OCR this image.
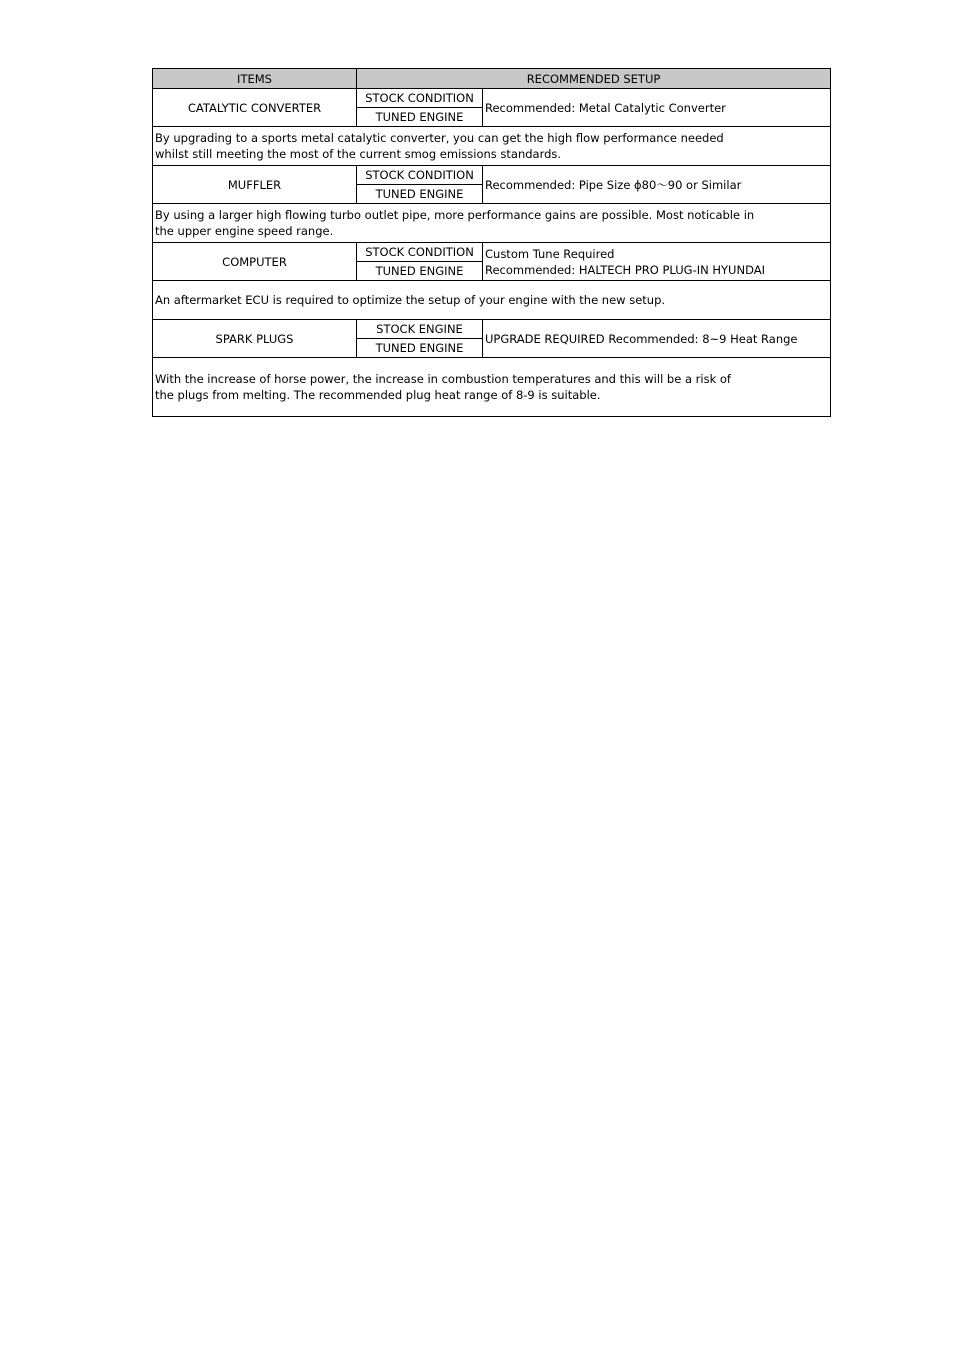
ITEMS	RECOMMENDED SETUP	
CATALYTIC CONVERTER	STOCK CONDITION	Recommended: Metal Catalytic Converter

	TUNED ENGINE	

By upgrading to a sports metal catalytic converter, you can get the high flow performance needed
whilst still meeting the most of the current smog emissions standards.		

MUFFLER	STOCK CONDITION	Recommended: Pipe Size ϕ80〜90 or Similar

	TUNED ENGINE	

By using a larger high flowing turbo outlet pipe, more performance gains are possible. Most noticable in
the upper engine speed range.		

COMPUTER	STOCK CONDITION	Custom Tune Required
Recommended: HALTECH PRO PLUG-IN HYUNDAI

	TUNED ENGINE	

An aftermarket ECU is required to optimize the setup of your engine with the new setup.		

SPARK PLUGS	STOCK ENGINE	UPGRADE REQUIRED Recommended: 8~9 Heat Range

	TUNED ENGINE	

With the increase of horse power, the increase in combustion temperatures and this will be a risk of
the plugs from melting. The recommended plug heat range of 8-9 is suitable.		
